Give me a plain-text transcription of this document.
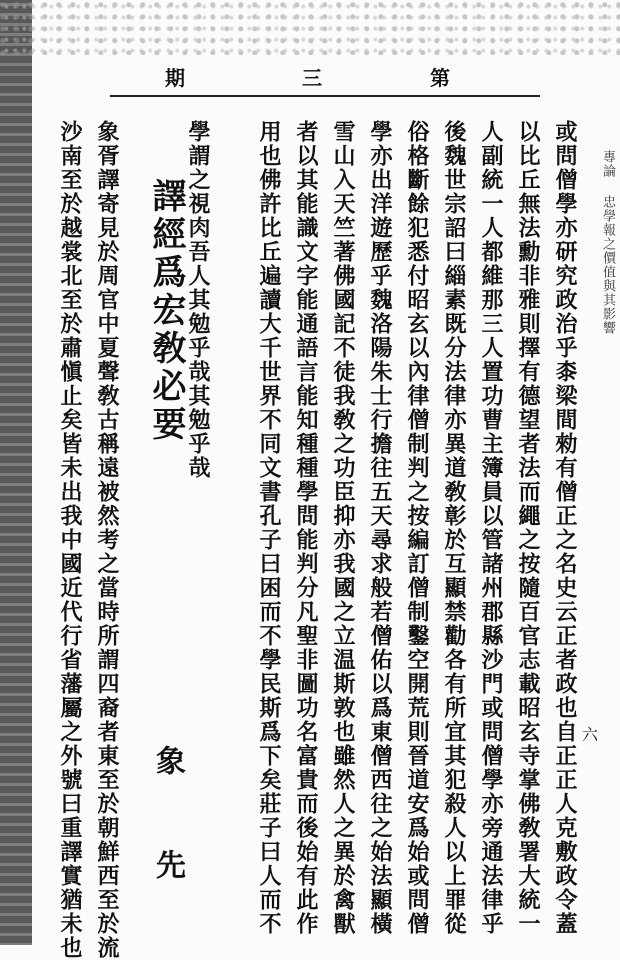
期	三	第
專論
忠學報之價值與其影響
六
或問僧學亦研究政治乎桼梁間勑有僧正之名史云正者政也自正正人克敷政令蓋
以比丘無法勳非雅則擇有德望者法而繩之按隨百官志載昭玄寺掌佛敎署大統一
人副統一人都維那三人置功曹主簿員以管諸州郡縣沙門或問僧學亦旁通法律乎
後魏世宗詔曰緇素既分法律亦異道敎彰於互顯禁勸各有所宜其犯殺人以上罪從
俗格斷餘犯悉付昭玄以內律僧制判之按編訂僧制鑿空開荒則晉道安爲始或問僧
學亦出洋遊歷乎魏洛陽朱士行擔往五天尋求般若僧佑以爲東僧西往之始法顯橫
雪山入天竺著佛國記不徒我敎之功臣抑亦我國之立温斯敦也雖然人之異於禽獸
者以其能識文字能通語言能知種種學問能判分凡聖非圖功名富貴而後始有此作
用也佛許比丘遍讀大千世界不同文書孔子曰困而不學民斯爲下矣莊子曰人而不
學謂之視肉吾人其勉乎哉其勉乎哉
譯經爲宏敎必要
象　先
象胥譯寄見於周官中夏聲敎古稱遠被然考之當時所謂四裔者東至於朝鮮西至於流
沙南至於越裳北至於肅愼止矣皆未出我中國近代行省藩屬之外號曰重譯實猶未也
